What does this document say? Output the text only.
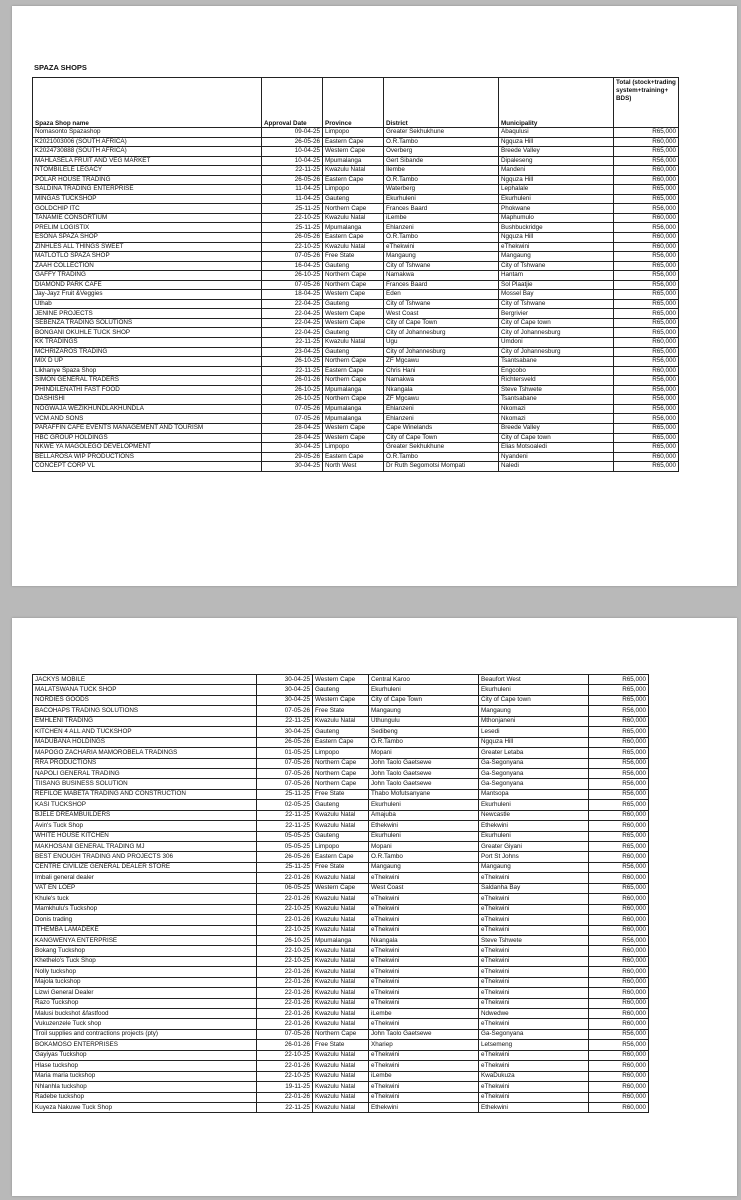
SPAZA SHOPS
Spaza Shop name	Approval Date	Province	District	Municipality	Total (stock+trading system+training+ BDS)
Nomasonto Spazashop	09-04-25	Limpopo	Greater Sekhukhune	Abaqulusi	R65,000
K2021003006 (SOUTH AFRICA)	26-05-26	Eastern Cape	O.R.Tambo	Ngquza Hill	R60,000
K2024730888 (SOUTH AFRICA)	10-04-25	Western Cape	Overberg	Breede Valley	R65,000
MAHLASELA FRUIT AND VEG MARKET	10-04-25	Mpumalanga	Gert Sibande	Dipaleseng	R56,000
NTOMBILELE LEGACY	22-11-25	Kwazulu Natal	Ilembe	Mandeni	R60,000
POLAR HOUSE TRADING	26-05-26	Eastern Cape	O.R.Tambo	Ngquza Hill	R60,000
SALDINA TRADING ENTERPRISE	11-04-25	Limpopo	Waterberg	Lephalale	R65,000
MINGAS TUCKSHOP	11-04-25	Gauteng	Ekurhuleni	Ekurhuleni	R65,000
GOLDCHIP ITC	25-11-25	Northern Cape	Frances Baard	Phokwane	R56,000
TANAMIE CONSORTIUM	22-10-25	Kwazulu Natal	iLembe	Maphumulo	R60,000
PRELIM LOGISTIX	25-11-25	Mpumalanga	Ehlanzeni	Bushbuckridge	R56,000
ESONA SPAZA SHOP	26-05-26	Eastern Cape	O.R.Tambo	Ngquza Hill	R60,000
ZINHLES ALL THINGS SWEET	22-10-25	Kwazulu Natal	eThekwini	eThekwini	R60,000
MATLOTLO SPAZA SHOP	07-05-26	Free State	Mangaung	Mangaung	R56,000
ZAAH COLLECTION	16-04-25	Gauteng	City of Tshwane	City of Tshwane	R65,000
GAFFY TRADING	26-10-25	Northern Cape	Namakwa	Hantam	R56,000
DIAMOND PARK CAFE	07-05-26	Northern Cape	Frances Baard	Sol Plaatjie	R56,000
Jay-Jayz Fruit &Veggies	18-04-25	Western Cape	Eden	Mossel Bay	R65,000
Uthab	22-04-25	Gauteng	City of Tshwane	City of Tshwane	R65,000
JENINE PROJECTS	22-04-25	Western Cape	West Coast	Bergrivier	R65,000
SEBENZA TRADING SOLUTIONS	22-04-25	Western Cape	City of Cape Town	City of Cape town	R65,000
BONGANI OKUHLE TUCK SHOP	22-04-25	Gauteng	City of Johannesburg	City of Johannesburg	R65,000
KK TRADINGS	22-11-25	Kwazulu Natal	Ugu	Umdoni	R60,000
MCHRIZAROS TRADING	23-04-25	Gauteng	City of Johannesburg	City of Johannesburg	R65,000
MIX D UP	26-10-25	Northern Cape	ZF Mgcawu	Tsantsabane	R56,000
Likhanye Spaza Shop	22-11-25	Eastern Cape	Chris Hani	Engcobo	R60,000
SIMON GENERAL TRADERS	26-01-26	Northern Cape	Namakwa	Richtersveld	R56,000
PHINDILENATHI FAST FOOD	26-10-25	Mpumalanga	Nkangala	Steve Tshwete	R56,000
DASHISHI	26-10-25	Northern Cape	ZF Mgcawu	Tsantsabane	R56,000
NOGWAJA WEZIKHUNDLAKHUNDLA	07-05-26	Mpumalanga	Ehlanzeni	Nkomazi	R56,000
VCM AND SONS	07-05-26	Mpumalanga	Ehlanzeni	Nkomazi	R56,000
PARAFFIN CAFE EVENTS MANAGEMENT AND TOURISM	28-04-25	Western Cape	Cape Winelands	Breede Valley	R65,000
HBC GROUP HOLDINGS	28-04-25	Western Cape	City of Cape Town	City of Cape town	R65,000
NKWE YA MAGOLEGO DEVELOPMENT	30-04-25	Limpopo	Greater Sekhukhune	Elias Motsoaledi	R65,000
BELLAROSA WIP PRODUCTIONS	29-05-26	Eastern Cape	O.R.Tambo	Nyandeni	R60,000
CONCEPT CORP VL	30-04-25	North West	Dr Ruth Segomotsi Mompati	Naledi	R65,000
JACKYS MOBILE	30-04-25	Western Cape	Central Karoo	Beaufort West	R65,000
MALATSWANA TUCK SHOP	30-04-25	Gauteng	Ekurhuleni	Ekurhuleni	R65,000
NORDIES GOODS	30-04-25	Western Cape	City of Cape Town	City of Cape town	R65,000
BACOHAPS TRADING SOLUTIONS	07-05-26	Free State	Mangaung	Mangaung	R56,000
EMHLENI TRADING	22-11-25	Kwazulu Natal	Uthungulu	Mthonjaneni	R60,000
KITCHEN 4 ALL AND TUCKSHOP	30-04-25	Gauteng	Sedibeng	Lesedi	R65,000
MADUBANA HOLDINGS	26-05-26	Eastern Cape	O.R.Tambo	Ngquza Hill	R60,000
MAPOGO ZACHARIA MAMOROBELA TRADINGS	01-05-25	Limpopo	Mopani	Greater Letaba	R65,000
RRA PRODUCTIONS	07-05-26	Northern Cape	John Taolo Gaetsewe	Ga-Segonyana	R56,000
NAPOLI GENERAL TRADING	07-05-26	Northern Cape	John Taolo Gaetsewe	Ga-Segonyana	R56,000
TIISANG BUSINESS SOLUTION	07-05-26	Northern Cape	John Taolo Gaetsewe	Ga-Segonyana	R56,000
REFILOE MABETA TRADING AND CONSTRUCTION	25-11-25	Free State	Thabo Mofutsanyane	Mantsopa	R56,000
KASI TUCKSHOP	02-05-25	Gauteng	Ekurhuleni	Ekurhuleni	R65,000
BJELE DREAMBUILDERS	22-11-25	Kwazulu Natal	Amajuba	Newcastle	R60,000
Avin's Tuck Shop	22-11-25	Kwazulu Natal	Ethekwini	Ethekwini	R60,000
WHITE HOUSE KITCHEN	05-05-25	Gauteng	Ekurhuleni	Ekurhuleni	R65,000
MAKHOSANI GENERAL TRADING MJ	05-05-25	Limpopo	Mopani	Greater Giyani	R65,000
BEST ENOUGH TRADING AND PROJECTS 306	26-05-26	Eastern Cape	O.R.Tambo	Port St Johns	R60,000
CENTRE CIVILIZE GENERAL DEALER STORE	25-11-25	Free State	Mangaung	Mangaung	R56,000
Imbali general dealer	22-01-26	Kwazulu Natal	eThekwini	eThekwini	R60,000
VAT EN LOEP	06-05-25	Western Cape	West Coast	Saldanha Bay	R65,000
Khule's tuck	22-01-26	Kwazulu Natal	eThekwini	eThekwini	R60,000
Mamkhulu's Tuckshop	22-10-25	Kwazulu Natal	eThekwini	eThekwini	R60,000
Donis trading	22-01-26	Kwazulu Natal	eThekwini	eThekwini	R60,000
ITHEMBA LAMADEKE	22-10-25	Kwazulu Natal	eThekwini	eThekwini	R60,000
KANGWENYA ENTERPRISE	26-10-25	Mpumalanga	Nkangala	Steve Tshwete	R56,000
Bokang Tuckshop	22-10-25	Kwazulu Natal	eThekwini	eThekwini	R60,000
Khethelo's Tuck Shop	22-10-25	Kwazulu Natal	eThekwini	eThekwini	R60,000
Nolly tuckshop	22-01-26	Kwazulu Natal	eThekwini	eThekwini	R60,000
Majola tuckshop	22-01-26	Kwazulu Natal	eThekwini	eThekwini	R60,000
Lizwi General Dealer	22-01-26	Kwazulu Natal	eThekwini	eThekwini	R60,000
Razo Tuckshop	22-01-26	Kwazulu Natal	eThekwini	eThekwini	R60,000
Malusi buckshot &fastfood	22-01-26	Kwazulu Natal	iLembe	Ndwedwe	R60,000
Vukuzenzele Tuck shop	22-01-26	Kwazulu Natal	eThekwini	eThekwini	R60,000
Troil supplies and contractions projects (pty)	07-05-26	Northern Cape	John Taolo Gaetsewe	Ga-Segonyana	R56,000
BOKAMOSO ENTERPRISES	26-01-26	Free State	Xhariep	Letsemeng	R56,000
Gayiyas Tuckshop	22-10-25	Kwazulu Natal	eThekwini	eThekwini	R60,000
Hlase tuckshop	22-01-26	Kwazulu Natal	eThekwini	eThekwini	R60,000
Maria maria tuckshop	22-10-25	Kwazulu Natal	iLembe	KwaDukuza	R60,000
Nhlanhla tuckshop	19-11-25	Kwazulu Natal	eThekwini	eThekwini	R60,000
Radebe tuckshop	22-01-26	Kwazulu Natal	eThekwini	eThekwini	R60,000
Kuyeza Nakuwe Tuck Shop	22-11-25	Kwazulu Natal	Ethekwini	Ethekwini	R60,000
